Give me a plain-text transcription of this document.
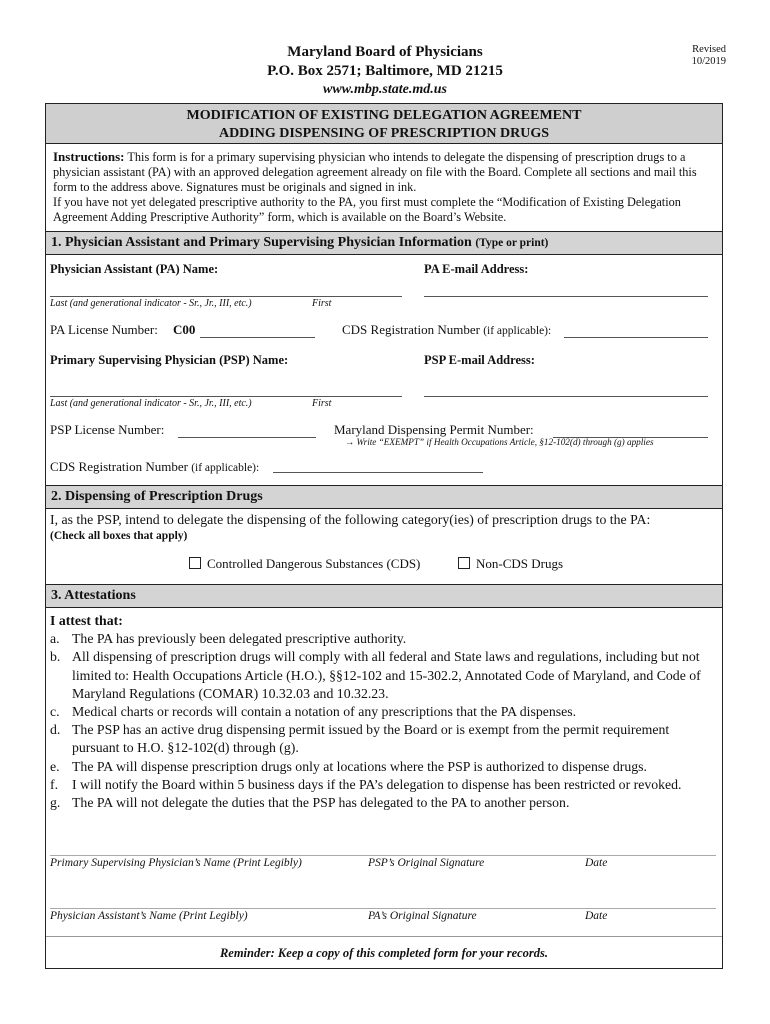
Maryland Board of Physicians
P.O. Box 2571; Baltimore, MD 21215
www.mbp.state.md.us
Revised
10/2019
MODIFICATION OF EXISTING DELEGATION AGREEMENT
ADDING DISPENSING OF PRESCRIPTION DRUGS
Instructions: This form is for a primary supervising physician who intends to delegate the dispensing of prescription drugs to a physician assistant (PA) with an approved delegation agreement already on file with the Board. Complete all sections and mail this form to the address above. Signatures must be originals and signed in ink.
If you have not yet delegated prescriptive authority to the PA, you first must complete the “Modification of Existing Delegation Agreement Adding Prescriptive Authority” form, which is available on the Board’s Website.
1. Physician Assistant and Primary Supervising Physician Information (Type or print)
Physician Assistant (PA) Name:	PA E-mail Address:
Last (and generational indicator - Sr., Jr., III, etc.)	First
PA License Number: C00	CDS Registration Number (if applicable):
Primary Supervising Physician (PSP) Name:	PSP E-mail Address:
Last (and generational indicator - Sr., Jr., III, etc.)	First
PSP License Number:	Maryland Dispensing Permit Number:
→ Write “EXEMPT” if Health Occupations Article, §12-102(d) through (g) applies
CDS Registration Number (if applicable):
2. Dispensing of Prescription Drugs
I, as the PSP, intend to delegate the dispensing of the following category(ies) of prescription drugs to the PA:
(Check all boxes that apply)
Controlled Dangerous Substances (CDS)	Non-CDS Drugs
3. Attestations
I attest that:

a. The PA has previously been delegated prescriptive authority.

b. All dispensing of prescription drugs will comply with all federal and State laws and regulations, including but not limited to: Health Occupations Article (H.O.), §§12-102 and 15-302.2, Annotated Code of Maryland, and Code of Maryland Regulations (COMAR) 10.32.03 and 10.32.23.

c. Medical charts or records will contain a notation of any prescriptions that the PA dispenses.

d. The PSP has an active drug dispensing permit issued by the Board or is exempt from the permit requirement pursuant to H.O. §12-102(d) through (g).

e. The PA will dispense prescription drugs only at locations where the PSP is authorized to dispense drugs.

f. I will notify the Board within 5 business days if the PA’s delegation to dispense has been restricted or revoked.

g. The PA will not delegate the duties that the PSP has delegated to the PA to another person.

Primary Supervising Physician’s Name (Print Legibly)	PSP’s Original Signature	Date
Physician Assistant’s Name (Print Legibly)	PA’s Original Signature	Date
Reminder: Keep a copy of this completed form for your records.
